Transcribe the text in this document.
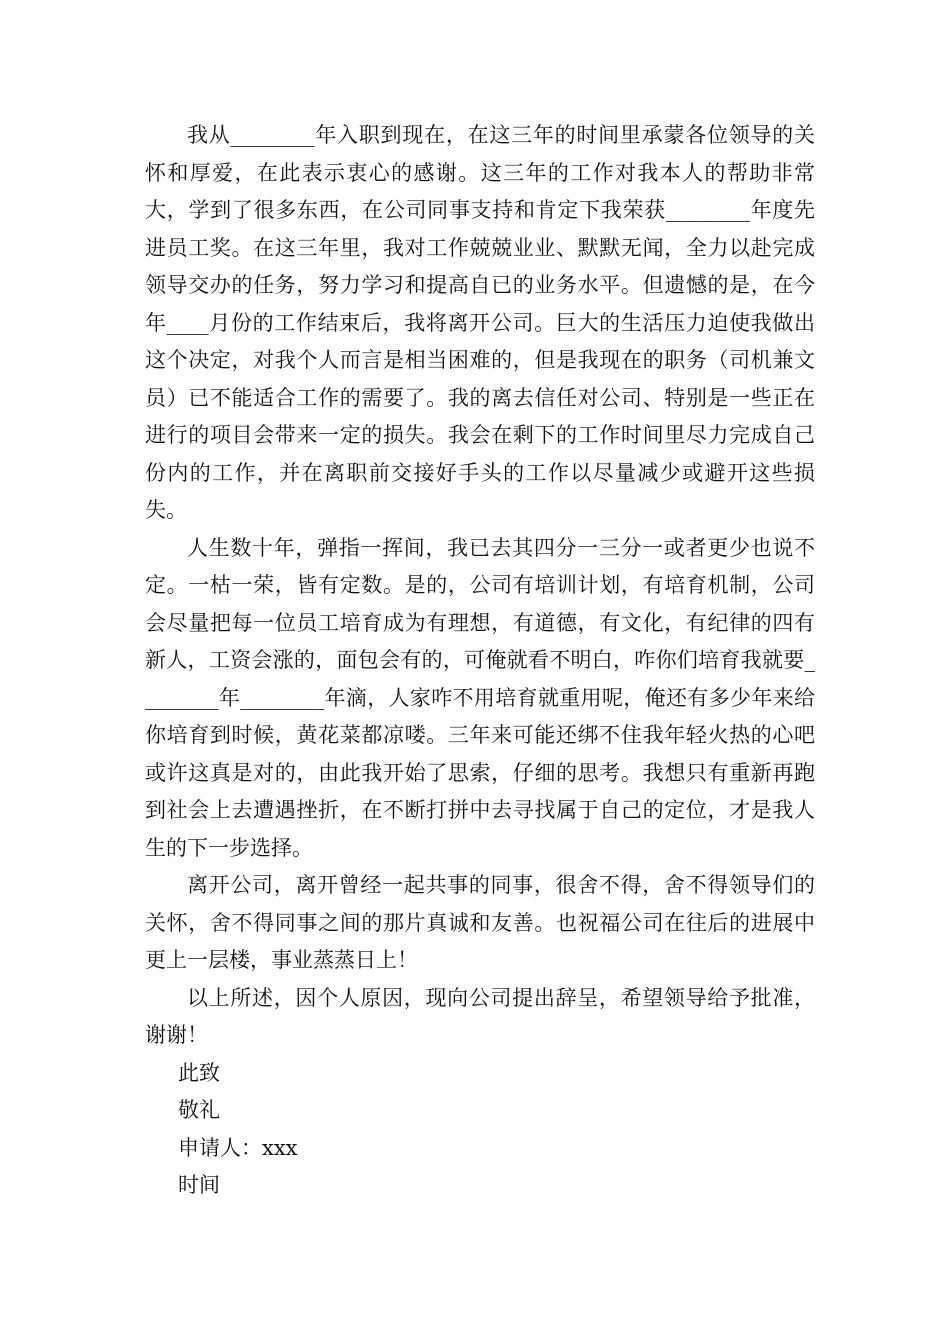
我从________年入职到现在，在这三年的时间里承蒙各位领导的关怀和厚爱，在此表示衷心的感谢。这三年的工作对我本人的帮助非常大，学到了很多东西，在公司同事支持和肯定下我荣获________年度先进员工奖。在这三年里，我对工作兢兢业业、默默无闻，全力以赴完成领导交办的任务，努力学习和提高自已的业务水平。但遗憾的是，在今年____月份的工作结束后，我将离开公司。巨大的生活压力迫使我做出这个决定，对我个人而言是相当困难的，但是我现在的职务（司机兼文员）已不能适合工作的需要了。我的离去信任对公司、特别是一些正在进行的项目会带来一定的损失。我会在剩下的工作时间里尽力完成自己份内的工作，并在离职前交接好手头的工作以尽量减少或避开这些损失。

人生数十年，弹指一挥间，我已去其四分一三分一或者更少也说不定。一枯一荣，皆有定数。是的，公司有培训计划，有培育机制，公司会尽量把每一位员工培育成为有理想，有道德，有文化，有纪律的四有新人，工资会涨的，面包会有的，可俺就看不明白，咋你们培育我就要________年________年滴，人家咋不用培育就重用呢，俺还有多少年来给你培育到时候，黄花菜都凉喽。三年来可能还绑不住我年轻火热的心吧或许这真是对的，由此我开始了思索，仔细的思考。我想只有重新再跑到社会上去遭遇挫折，在不断打拼中去寻找属于自己的定位，才是我人生的下一步选择。

离开公司，离开曾经一起共事的同事，很舍不得，舍不得领导们的关怀，舍不得同事之间的那片真诚和友善。也祝福公司在往后的进展中更上一层楼，事业蒸蒸日上！

以上所述，因个人原因，现向公司提出辞呈，希望领导给予批准，谢谢！

此致

敬礼

申请人：xxx

时间
